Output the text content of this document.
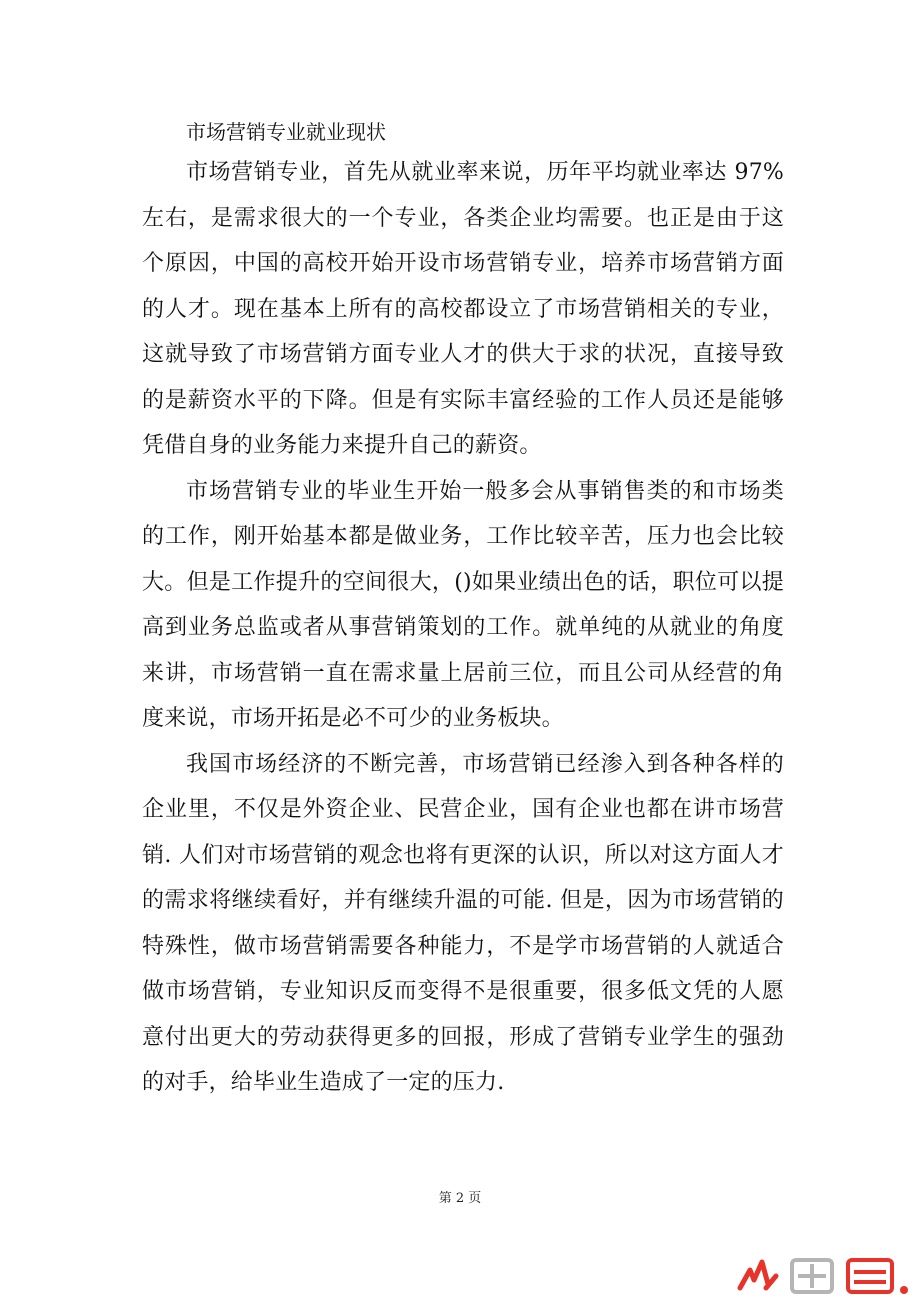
市场营销专业就业现状

市场营销专业，首先从就业率来说，历年平均就业率达 97%左右，是需求很大的一个专业，各类企业均需要。也正是由于这个原因，中国的高校开始开设市场营销专业，培养市场营销方面的人才。现在基本上所有的高校都设立了市场营销相关的专业，这就导致了市场营销方面专业人才的供大于求的状况，直接导致的是薪资水平的下降。但是有实际丰富经验的工作人员还是能够凭借自身的业务能力来提升自己的薪资。

市场营销专业的毕业生开始一般多会从事销售类的和市场类的工作，刚开始基本都是做业务，工作比较辛苦，压力也会比较大。但是工作提升的空间很大，()如果业绩出色的话，职位可以提高到业务总监或者从事营销策划的工作。就单纯的从就业的角度来讲，市场营销一直在需求量上居前三位，而且公司从经营的角度来说，市场开拓是必不可少的业务板块。

我国市场经济的不断完善，市场营销已经渗入到各种各样的企业里，不仅是外资企业、民营企业，国有企业也都在讲市场营销. 人们对市场营销的观念也将有更深的认识，所以对这方面人才的需求将继续看好，并有继续升温的可能. 但是，因为市场营销的特殊性，做市场营销需要各种能力，不是学市场营销的人就适合做市场营销，专业知识反而变得不是很重要，很多低文凭的人愿意付出更大的劳动获得更多的回报，形成了营销专业学生的强劲的对手，给毕业生造成了一定的压力.

第 2 页
